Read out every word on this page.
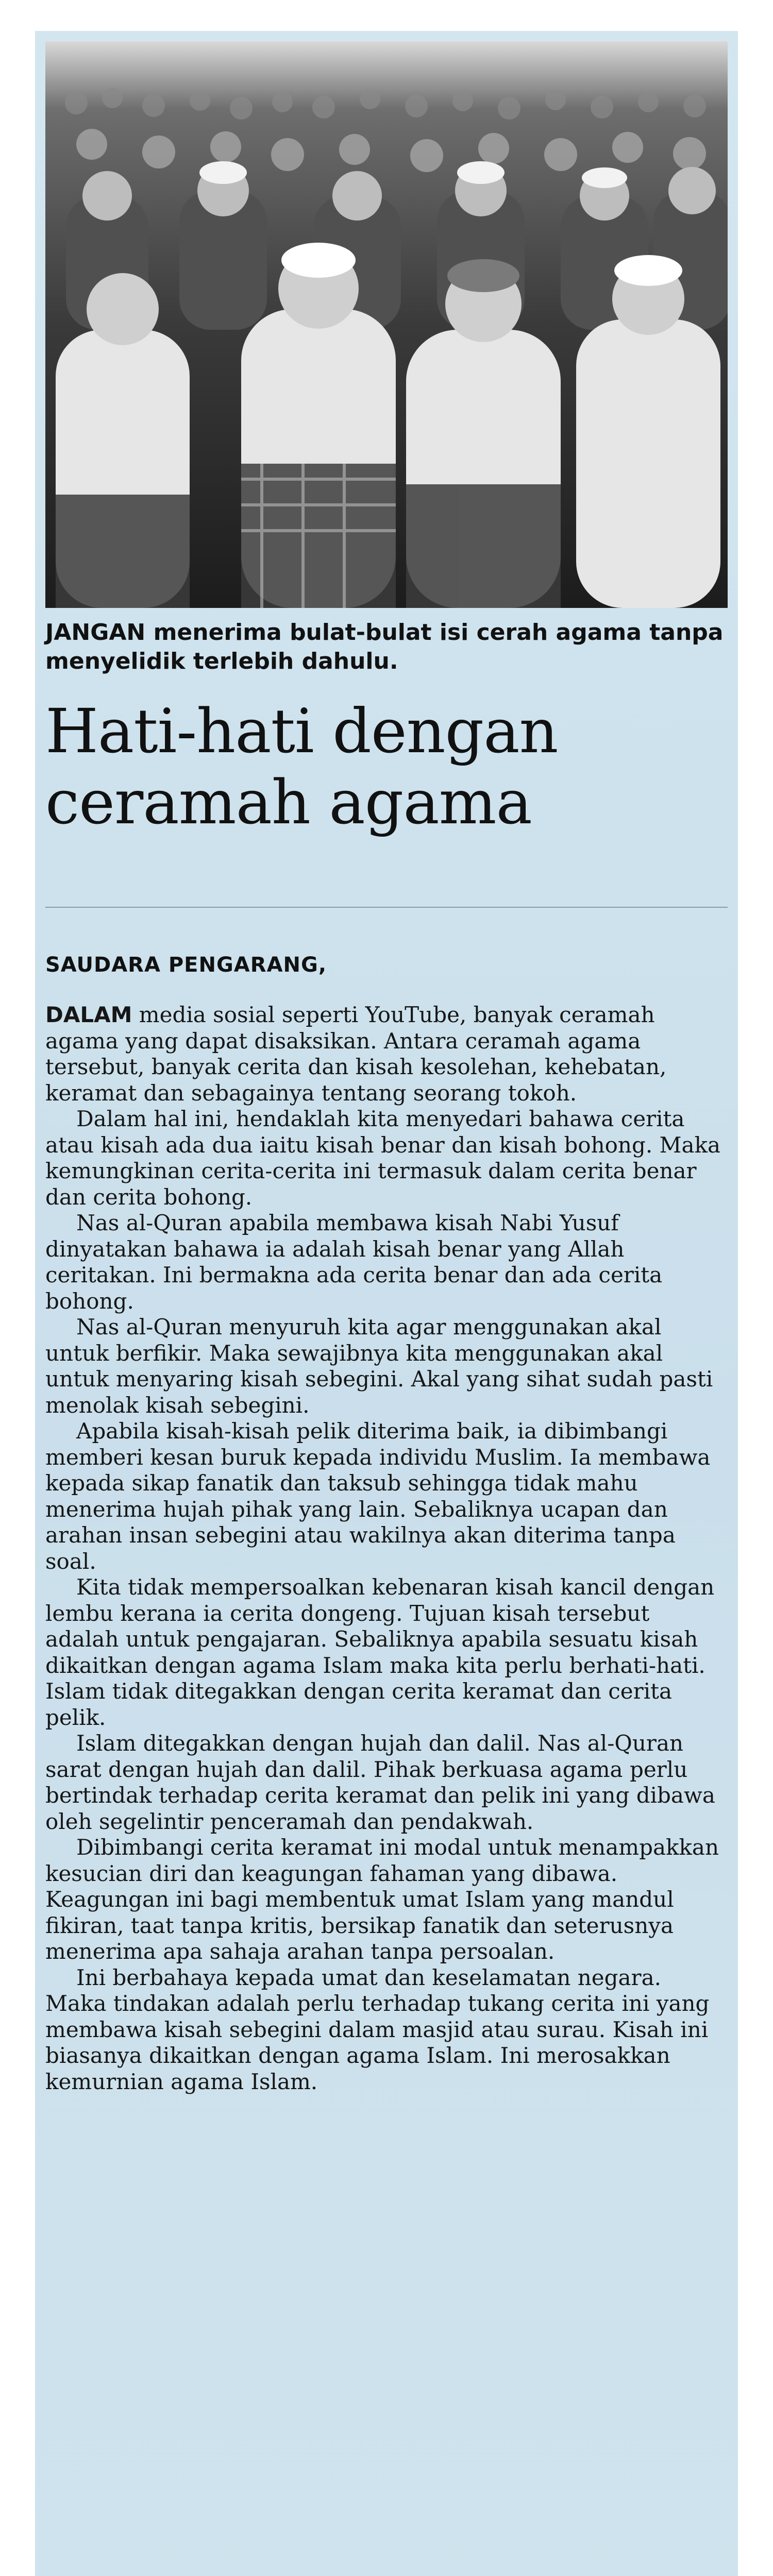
JANGAN menerima bulat-bulat isi cerah agama tanpa menyelidik terlebih dahulu.

Hati-hati dengan ceramah agama

SAUDARA PENGARANG,

DALAM media sosial seperti YouTube, banyak ceramah agama yang dapat disaksikan. Antara ceramah agama tersebut, banyak cerita dan kisah kesolehan, kehebatan, keramat dan sebagainya tentang seorang tokoh.

Dalam hal ini, hendaklah kita menyedari bahawa cerita atau kisah ada dua iaitu kisah benar dan kisah bohong. Maka kemungkinan cerita-cerita ini termasuk dalam cerita benar dan cerita bohong.

Nas al-Quran apabila membawa kisah Nabi Yusuf dinyatakan bahawa ia adalah kisah benar yang Allah ceritakan. Ini bermakna ada cerita benar dan ada cerita bohong.

Nas al-Quran menyuruh kita agar menggunakan akal untuk berfikir. Maka sewajibnya kita menggunakan akal untuk menyaring kisah sebegini. Akal yang sihat sudah pasti menolak kisah sebegini.

Apabila kisah-kisah pelik diterima baik, ia dibimbangi memberi kesan buruk kepada individu Muslim. Ia membawa kepada sikap fanatik dan taksub sehingga tidak mahu menerima hujah pihak yang lain. Sebaliknya ucapan dan arahan insan sebegini atau wakilnya akan diterima tanpa soal.

Kita tidak mempersoalkan kebenaran kisah kancil dengan lembu kerana ia cerita dongeng. Tujuan kisah tersebut adalah untuk pengajaran. Sebaliknya apabila sesuatu kisah dikaitkan dengan agama Islam maka kita perlu berhati-hati. Islam tidak ditegakkan dengan cerita keramat dan cerita pelik.

Islam ditegakkan dengan hujah dan dalil. Nas al-Quran sarat dengan hujah dan dalil. Pihak berkuasa agama perlu bertindak terhadap cerita keramat dan pelik ini yang dibawa oleh segelintir penceramah dan pendakwah.

Dibimbangi cerita keramat ini modal untuk menampakkan kesucian diri dan keagungan fahaman yang dibawa. Keagungan ini bagi membentuk umat Islam yang mandul fikiran, taat tanpa kritis, bersikap fanatik dan seterusnya menerima apa sahaja arahan tanpa persoalan.

Ini berbahaya kepada umat dan keselamatan negara. Maka tindakan adalah perlu terhadap tukang cerita ini yang membawa kisah sebegini dalam masjid atau surau. Kisah ini biasanya dikaitkan dengan agama Islam. Ini merosakkan kemurnian agama Islam.
